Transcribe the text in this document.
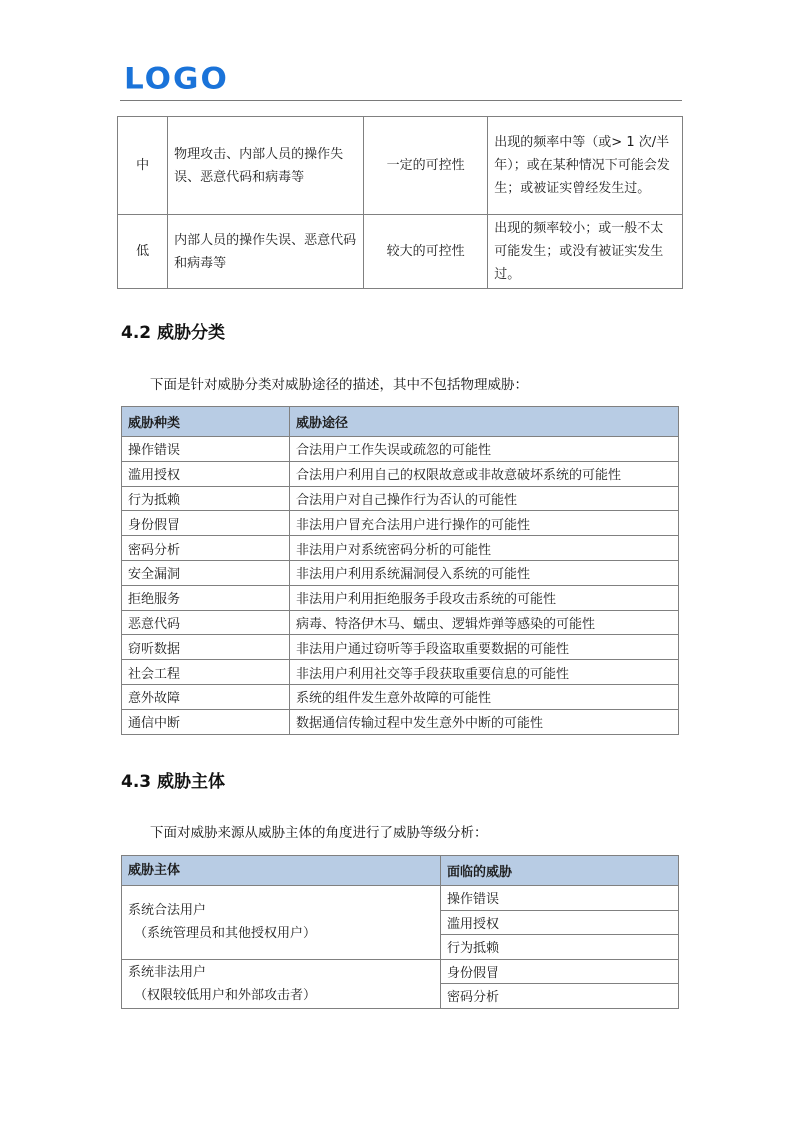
LOGO
中	物理攻击、内部人员的操作失误、恶意代码和病毒等	一定的可控性	出现的频率中等（或> 1 次/半年）；或在某种情况下可能会发生；或被证实曾经发生过。
低	内部人员的操作失误、恶意代码和病毒等	较大的可控性	出现的频率较小；或一般不太可能发生；或没有被证实发生过。
4.2 威胁分类
下面是针对威胁分类对威胁途径的描述，其中不包括物理威胁：
威胁种类	威胁途径
操作错误	合法用户工作失误或疏忽的可能性
滥用授权	合法用户利用自己的权限故意或非故意破坏系统的可能性
行为抵赖	合法用户对自己操作行为否认的可能性
身份假冒	非法用户冒充合法用户进行操作的可能性
密码分析	非法用户对系统密码分析的可能性
安全漏洞	非法用户利用系统漏洞侵入系统的可能性
拒绝服务	非法用户利用拒绝服务手段攻击系统的可能性
恶意代码	病毒、特洛伊木马、蠕虫、逻辑炸弹等感染的可能性
窃听数据	非法用户通过窃听等手段盗取重要数据的可能性
社会工程	非法用户利用社交等手段获取重要信息的可能性
意外故障	系统的组件发生意外故障的可能性
通信中断	数据通信传输过程中发生意外中断的可能性
4.3 威胁主体
下面对威胁来源从威胁主体的角度进行了威胁等级分析：
威胁主体	面临的威胁

系统合法用户
（系统管理员和其他授权用户）	操作错误
	滥用授权
	行为抵赖

系统非法用户
（权限较低用户和外部攻击者）	身份假冒
	密码分析
